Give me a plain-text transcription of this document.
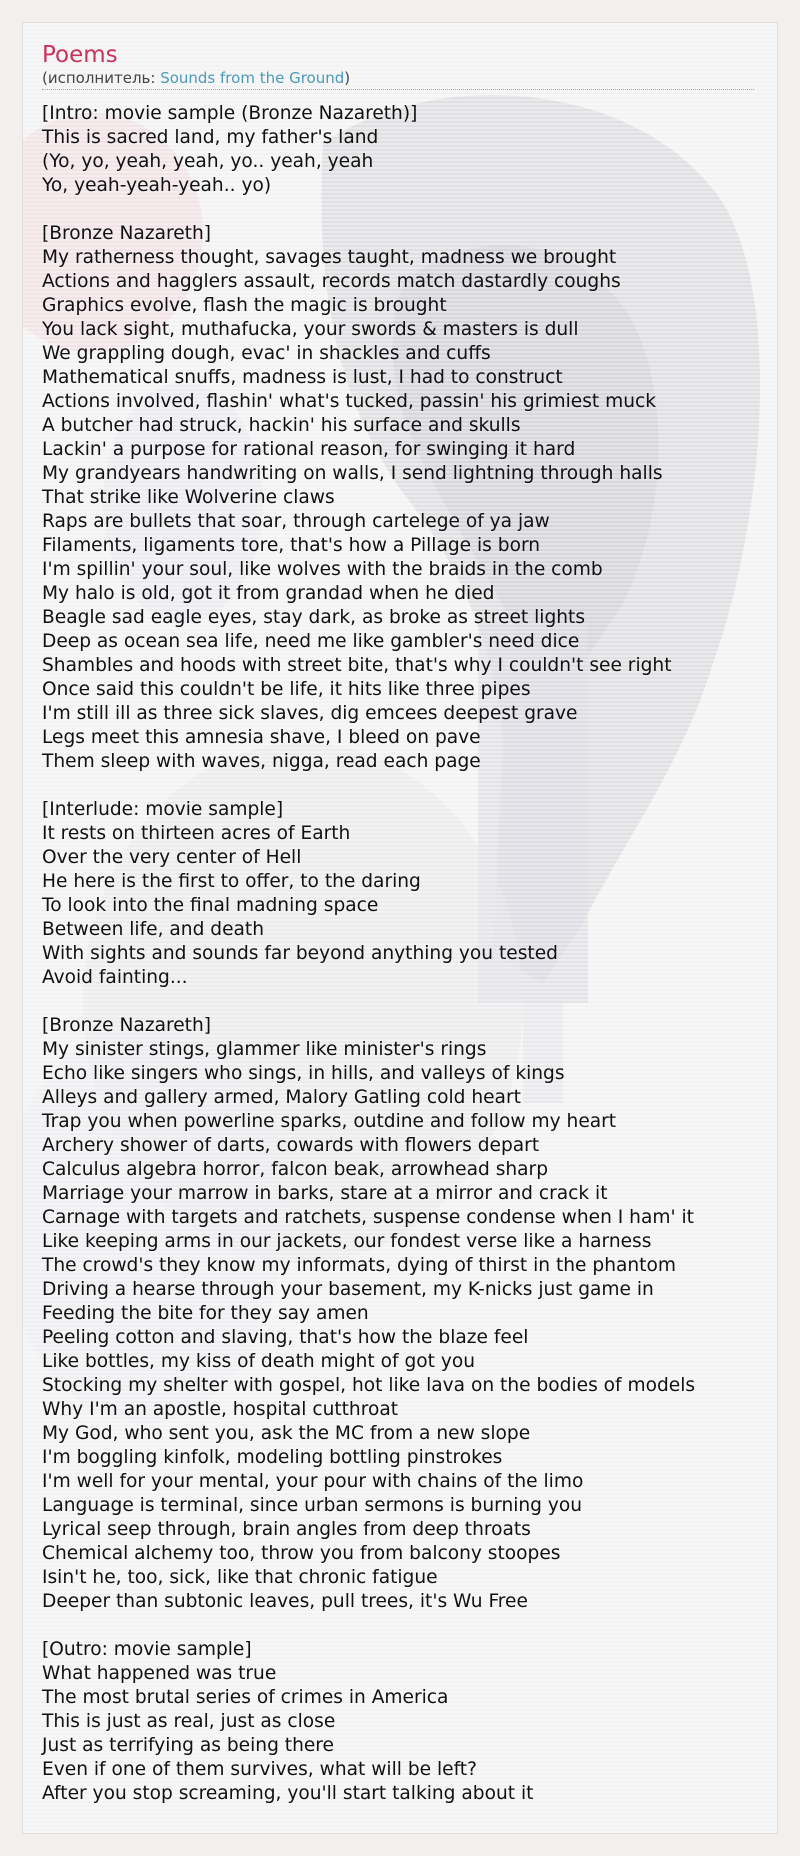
Poems
(исполнитель: Sounds from the Ground)
[Intro: movie sample (Bronze Nazareth)]
This is sacred land, my father's land
(Yo, yo, yeah, yeah, yo.. yeah, yeah
Yo, yeah-yeah-yeah.. yo)
[Bronze Nazareth]
My ratherness thought, savages taught, madness we brought
Actions and hagglers assault, records match dastardly coughs
Graphics evolve, flash the magic is brought
You lack sight, muthafucka, your swords & masters is dull
We grappling dough, evac' in shackles and cuffs
Mathematical snuffs, madness is lust, I had to construct
Actions involved, flashin' what's tucked, passin' his grimiest muck
A butcher had struck, hackin' his surface and skulls
Lackin' a purpose for rational reason, for swinging it hard
My grandyears handwriting on walls, I send lightning through halls
That strike like Wolverine claws
Raps are bullets that soar, through cartelege of ya jaw
Filaments, ligaments tore, that's how a Pillage is born
I'm spillin' your soul, like wolves with the braids in the comb
My halo is old, got it from grandad when he died
Beagle sad eagle eyes, stay dark, as broke as street lights
Deep as ocean sea life, need me like gambler's need dice
Shambles and hoods with street bite, that's why I couldn't see right
Once said this couldn't be life, it hits like three pipes
I'm still ill as three sick slaves, dig emcees deepest grave
Legs meet this amnesia shave, I bleed on pave
Them sleep with waves, nigga, read each page
[Interlude: movie sample]
It rests on thirteen acres of Earth
Over the very center of Hell
He here is the first to offer, to the daring
To look into the final madning space
Between life, and death
With sights and sounds far beyond anything you tested
Avoid fainting...
[Bronze Nazareth]
My sinister stings, glammer like minister's rings
Echo like singers who sings, in hills, and valleys of kings
Alleys and gallery armed, Malory Gatling cold heart
Trap you when powerline sparks, outdine and follow my heart
Archery shower of darts, cowards with flowers depart
Calculus algebra horror, falcon beak, arrowhead sharp
Marriage your marrow in barks, stare at a mirror and crack it
Carnage with targets and ratchets, suspense condense when I ham' it
Like keeping arms in our jackets, our fondest verse like a harness
The crowd's they know my informats, dying of thirst in the phantom
Driving a hearse through your basement, my K-nicks just game in
Feeding the bite for they say amen
Peeling cotton and slaving, that's how the blaze feel
Like bottles, my kiss of death might of got you
Stocking my shelter with gospel, hot like lava on the bodies of models
Why I'm an apostle, hospital cutthroat
My God, who sent you, ask the MC from a new slope
I'm boggling kinfolk, modeling bottling pinstrokes
I'm well for your mental, your pour with chains of the limo
Language is terminal, since urban sermons is burning you
Lyrical seep through, brain angles from deep throats
Chemical alchemy too, throw you from balcony stoopes
Isin't he, too, sick, like that chronic fatigue
Deeper than subtonic leaves, pull trees, it's Wu Free
[Outro: movie sample]
What happened was true
The most brutal series of crimes in America
This is just as real, just as close
Just as terrifying as being there
Even if one of them survives, what will be left?
After you stop screaming, you'll start talking about it
